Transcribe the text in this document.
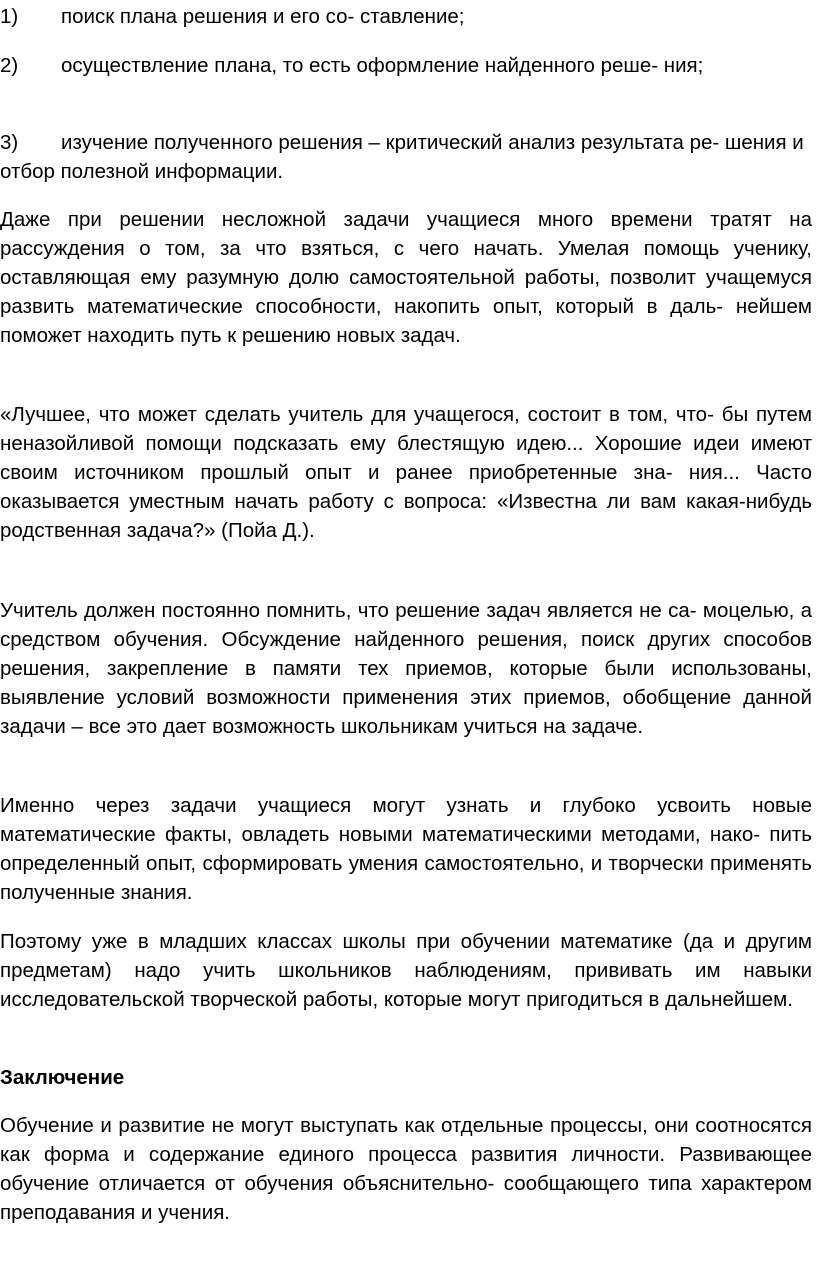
1) поиск плана решения и его со- ставление;

2) осуществление плана, то есть оформление найденного реше- ния;

3) изучение полученного решения – критический анализ результата ре- шения и отбор полезной информации.

Даже при решении несложной задачи учащиеся много времени тратят на рассуждения о том, за что взяться, с чего начать. Умелая помощь ученику, оставляющая ему разумную долю самостоятельной работы, позволит учащемуся развить математические способности, накопить опыт, который в даль- нейшем поможет находить путь к решению новых задач.

«Лучшее, что может сделать учитель для учащегося, состоит в том, что- бы путем неназойливой помощи подсказать ему блестящую идею... Хорошие идеи имеют своим источником прошлый опыт и ранее приобретенные зна- ния... Часто оказывается уместным начать работу с вопроса: «Известна ли вам какая-нибудь родственная задача?» (Пойа Д.).

Учитель должен постоянно помнить, что решение задач является не са- моцелью, а средством обучения. Обсуждение найденного решения, поиск других способов решения, закрепление в памяти тех приемов, которые были использованы, выявление условий возможности применения этих приемов, обобщение данной задачи – все это дает возможность школьникам учиться на задаче.

Именно через задачи учащиеся могут узнать и глубоко усвоить новые математические факты, овладеть новыми математическими методами, нако- пить определенный опыт, сформировать умения самостоятельно, и творчески применять полученные знания.

Поэтому уже в младших классах школы при обучении математике (да и другим предметам) надо учить школьников наблюдениям, прививать им навыки исследовательской творческой работы, которые могут пригодиться в дальнейшем.

Заключение

Обучение и развитие не могут выступать как отдельные процессы, они соотносятся как форма и содержание единого процесса развития личности. Развивающее обучение отличается от обучения объяснительно- сообщающего типа характером преподавания и учения.
